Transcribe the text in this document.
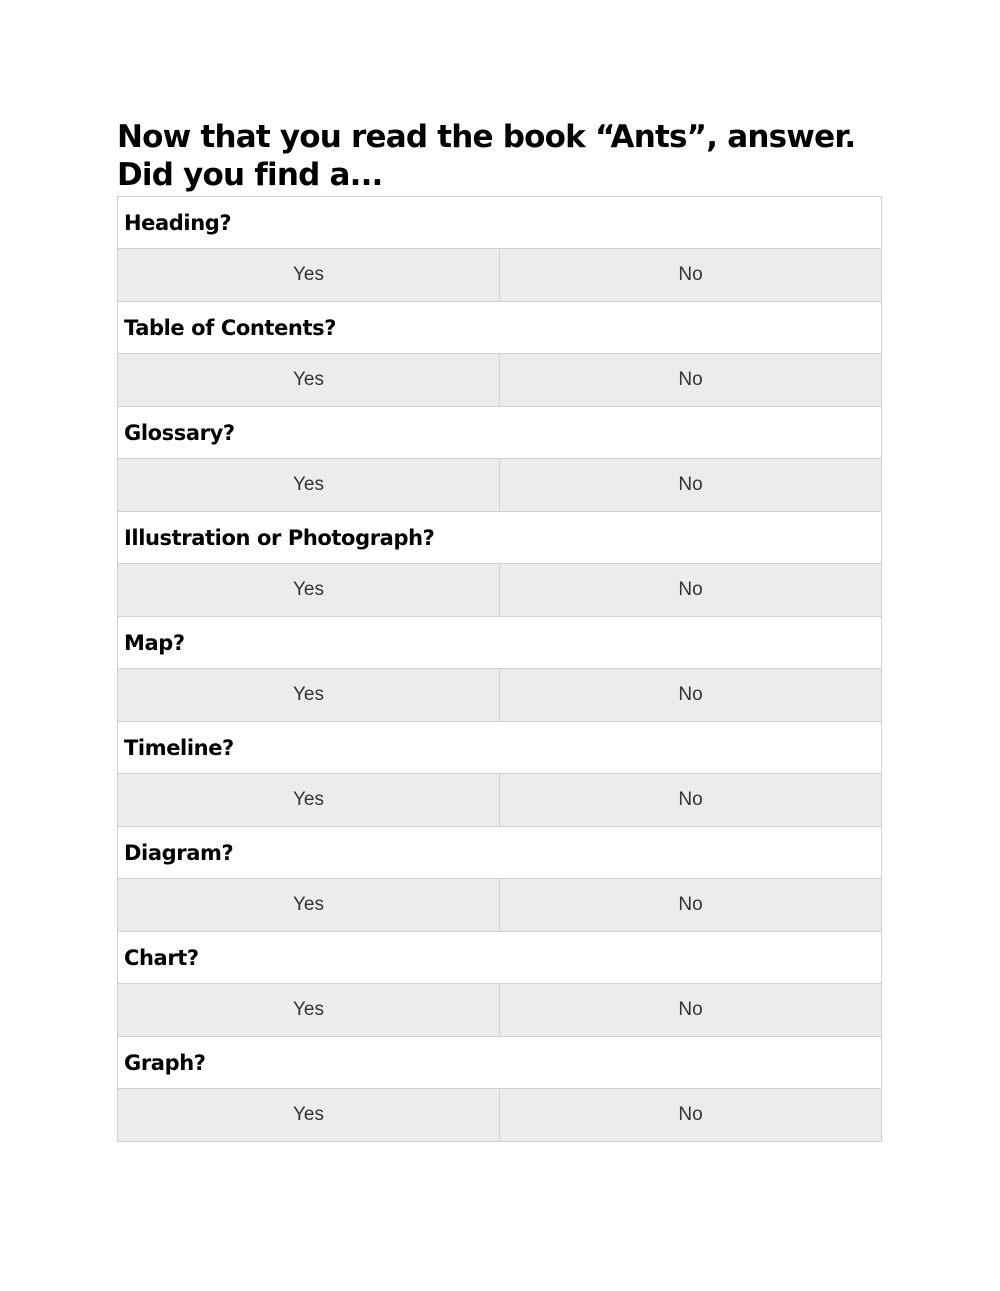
Now that you read the book “Ants”, answer.
Did you find a...
Heading?
Yes	No
Table of Contents?
Yes	No
Glossary?
Yes	No
Illustration or Photograph?
Yes	No
Map?
Yes	No
Timeline?
Yes	No
Diagram?
Yes	No
Chart?
Yes	No
Graph?
Yes	No
